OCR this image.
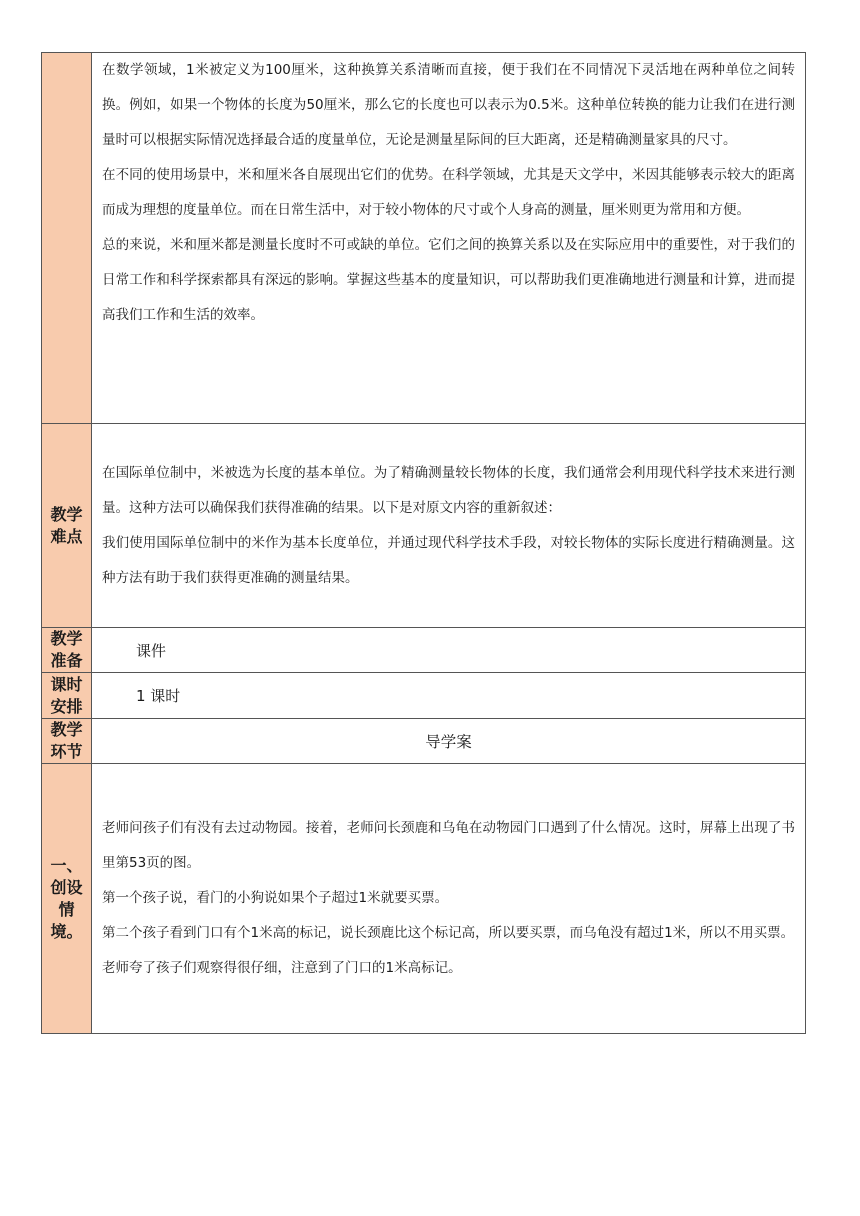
	在数学领域，1米被定义为100厘米，这种换算关系清晰而直接，便于我们在不同情况下灵活地在两种单位之间转换。例如，如果一个物体的长度为50厘米，那么它的长度也可以表示为0.5米。这种单位转换的能力让我们在进行测量时可以根据实际情况选择最合适的度量单位，无论是测量星际间的巨大距离，还是精确测量家具的尺寸。

在不同的使用场景中，米和厘米各自展现出它们的优势。在科学领域，尤其是天文学中，米因其能够表示较大的距离而成为理想的度量单位。而在日常生活中，对于较小物体的尺寸或个人身高的测量，厘米则更为常用和方便。

总的来说，米和厘米都是测量长度时不可或缺的单位。它们之间的换算关系以及在实际应用中的重要性，对于我们的日常工作和科学探索都具有深远的影响。掌握这些基本的度量知识，可以帮助我们更准确地进行测量和计算，进而提高我们工作和生活的效率。

教学难点	在国际单位制中，米被选为长度的基本单位。为了精确测量较长物体的长度，我们通常会利用现代科学技术来进行测量。这种方法可以确保我们获得准确的结果。以下是对原文内容的重新叙述：

我们使用国际单位制中的米作为基本长度单位，并通过现代科学技术手段，对较长物体的实际长度进行精确测量。这种方法有助于我们获得更准确的测量结果。

教学准备	课件
课时安排	1 课时
教学环节	导学案
一、创设情境。	老师问孩子们有没有去过动物园。接着，老师问长颈鹿和乌龟在动物园门口遇到了什么情况。这时，屏幕上出现了书里第53页的图。

第一个孩子说，看门的小狗说如果个子超过1米就要买票。

第二个孩子看到门口有个1米高的标记，说长颈鹿比这个标记高，所以要买票，而乌龟没有超过1米，所以不用买票。

老师夸了孩子们观察得很仔细，注意到了门口的1米高标记。
